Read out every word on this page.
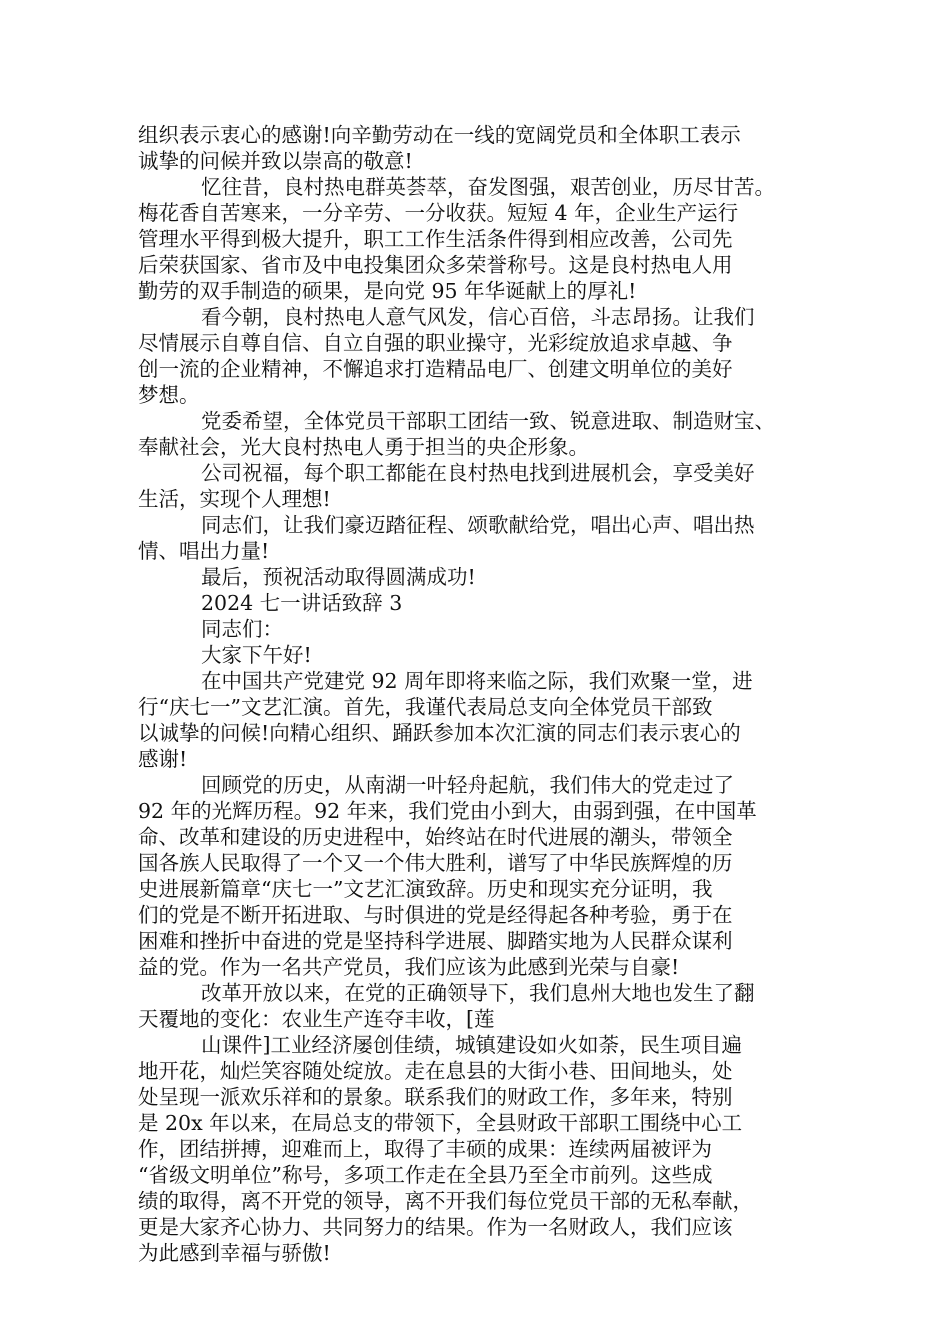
组织表示衷心的感谢!向辛勤劳动在一线的宽阔党员和全体职工表示
诚挚的问候并致以崇高的敬意!
忆往昔，良村热电群英荟萃，奋发图强，艰苦创业，历尽甘苦。
梅花香自苦寒来，一分辛劳、一分收获。短短 4 年，企业生产运行
管理水平得到极大提升，职工工作生活条件得到相应改善，公司先
后荣获国家、省市及中电投集团众多荣誉称号。这是良村热电人用
勤劳的双手制造的硕果，是向党 95 年华诞献上的厚礼!
看今朝，良村热电人意气风发，信心百倍，斗志昂扬。让我们
尽情展示自尊自信、自立自强的职业操守，光彩绽放追求卓越、争
创一流的企业精神，不懈追求打造精品电厂、创建文明单位的美好
梦想。
党委希望，全体党员干部职工团结一致、锐意进取、制造财宝、
奉献社会，光大良村热电人勇于担当的央企形象。
公司祝福，每个职工都能在良村热电找到进展机会，享受美好
生活，实现个人理想!
同志们，让我们豪迈踏征程、颂歌献给党，唱出心声、唱出热
情、唱出力量!
最后，预祝活动取得圆满成功!
2024 七一讲话致辞 3
同志们：
大家下午好!
在中国共产党建党 92 周年即将来临之际，我们欢聚一堂，进
行“庆七一”文艺汇演。首先，我谨代表局总支向全体党员干部致
以诚挚的问候!向精心组织、踊跃参加本次汇演的同志们表示衷心的
感谢!
回顾党的历史，从南湖一叶轻舟起航，我们伟大的党走过了
92 年的光辉历程。92 年来，我们党由小到大，由弱到强，在中国革
命、改革和建设的历史进程中，始终站在时代进展的潮头，带领全
国各族人民取得了一个又一个伟大胜利，谱写了中华民族辉煌的历
史进展新篇章“庆七一”文艺汇演致辞。历史和现实充分证明，我
们的党是不断开拓进取、与时俱进的党是经得起各种考验，勇于在
困难和挫折中奋进的党是坚持科学进展、脚踏实地为人民群众谋利
益的党。作为一名共产党员，我们应该为此感到光荣与自豪!
改革开放以来，在党的正确领导下，我们息州大地也发生了翻
天覆地的变化：农业生产连夺丰收，[莲
山课件]工业经济屡创佳绩，城镇建设如火如荼，民生项目遍
地开花，灿烂笑容随处绽放。走在息县的大街小巷、田间地头，处
处呈现一派欢乐祥和的景象。联系我们的财政工作，多年来，特别
是 20x 年以来，在局总支的带领下，全县财政干部职工围绕中心工
作，团结拼搏，迎难而上，取得了丰硕的成果：连续两届被评为
“省级文明单位”称号，多项工作走在全县乃至全市前列。这些成
绩的取得，离不开党的领导，离不开我们每位党员干部的无私奉献，
更是大家齐心协力、共同努力的结果。作为一名财政人，我们应该
为此感到幸福与骄傲!
